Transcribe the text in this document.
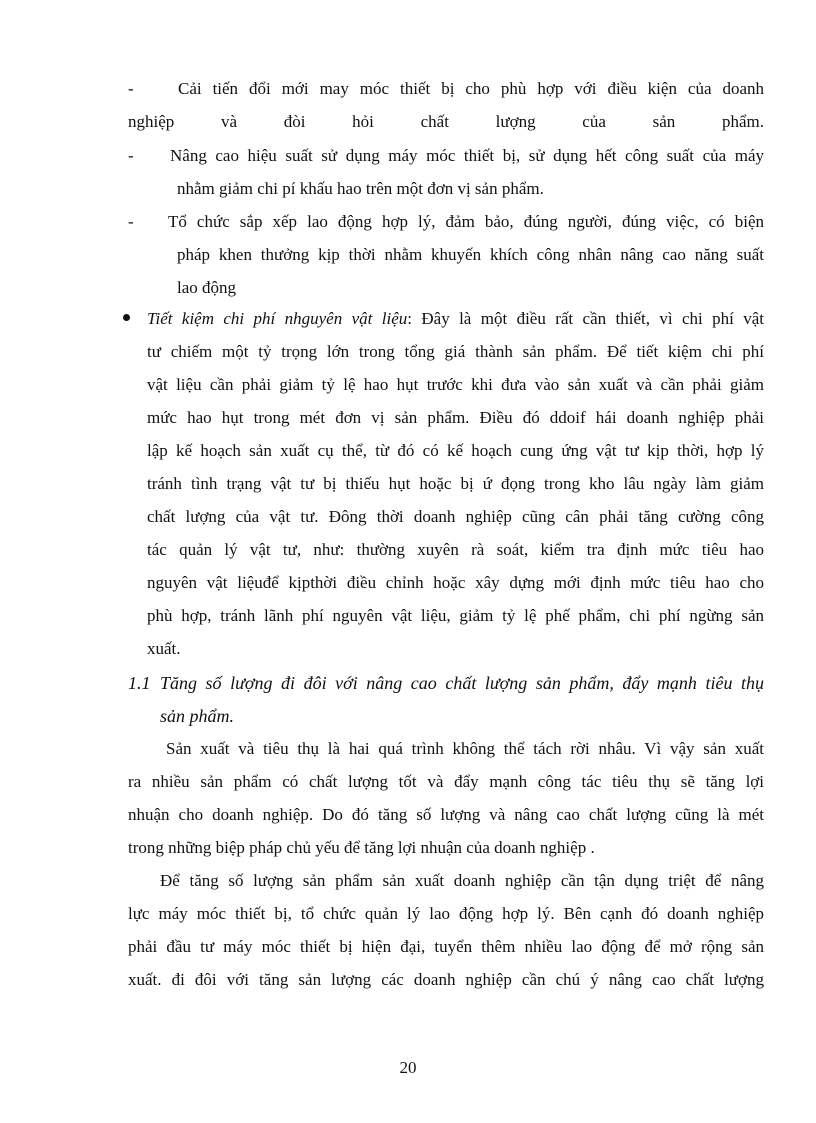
-	Cải tiến đổi mới may móc thiết bị cho phù hợp với điều kiện của doanh
nghiệp và đòi hỏi chất lượng của sản phẩm.
- Nâng cao hiệu suất sử dụng máy móc thiết bị, sử dụng hết công suất của máy
nhằm giảm chi pí khấu hao trên một đơn vị sản phẩm.
- Tổ chức sắp xếp lao động hợp lý, đảm bảo, đúng người, đúng việc, có biện
pháp khen thưởng kịp thời nhằm khuyến khích công nhân nâng cao năng suất
lao động
Tiết kiệm chi phí nhguyên vật liệu: Đây là một điều rất cần thiết, vì chi phí vật
tư chiếm một tỷ trọng lớn trong tổng giá thành sản phẩm. Để tiết kiệm chi phí
vật liệu cần phải giảm tỷ lệ hao hụt trước khi đưa vào sản xuất và cần phải giảm
mức hao hụt trong mét đơn vị sản phẩm. Điều đó ddoif hái doanh nghiệp phải
lập kế hoạch sản xuất cụ thể, từ đó có kế hoạch cung ứng vật tư kịp thời, hợp lý
tránh tình trạng vật tư bị thiếu hụt hoặc bị ứ đọng trong kho lâu ngày làm giảm
chất lượng của vật tư. Đông thời doanh nghiệp cũng cân phải tăng cường công
tác quản lý vật tư, như: thường xuyên rà soát, kiểm tra định mức tiêu hao
nguyên vật liệuđể kịpthời điều chỉnh hoặc xây dựng mới định mức tiêu hao cho
phù hợp, tránh lãnh phí nguyên vật liệu, giảm tỷ lệ phế phẩm, chi phí ngừng sản
xuất.
1.1 Tăng số lượng đi đôi với nâng cao chất lượng sản phẩm, đẩy mạnh tiêu thụ
sản phẩm.
Sản xuất và tiêu thụ là hai quá trình không thể tách rời nhâu. Vì vậy sản xuất
ra nhiều sản phẩm có chất lượng tốt và đẩy mạnh công tác tiêu thụ sẽ tăng lợi
nhuận cho doanh nghiệp. Do đó tăng số lượng và nâng cao chất lượng cũng là mét
trong những biệp pháp chủ yếu để tăng lợi nhuận của doanh nghiệp .
Để tăng số lượng sản phẩm sản xuất doanh nghiệp cần tận dụng triệt để nâng
lực máy móc thiết bị, tổ chức quản lý lao động hợp lý. Bên cạnh đó doanh nghiệp
phải đầu tư máy móc thiết bị hiện đại, tuyển thêm nhiều lao động để mở rộng sản
xuất. đi đôi với tăng sản lượng các doanh nghiệp cần chú ý nâng cao chất lượng
20
